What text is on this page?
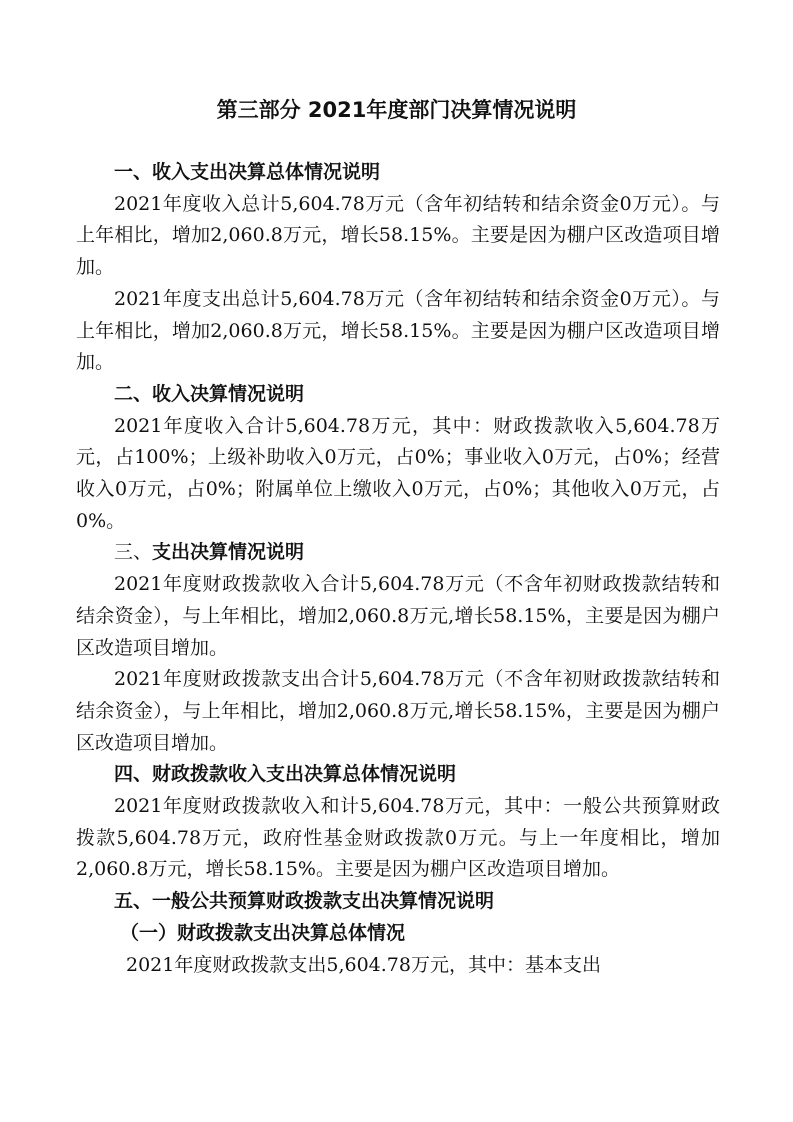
第三部分 2021年度部门决算情况说明
一、收入支出决算总体情况说明
2021年度收入总计5,604.78万元（含年初结转和结余资金0万元）。与上年相比，增加2,060.8万元，增长58.15%。主要是因为棚户区改造项目增加。
2021年度支出总计5,604.78万元（含年初结转和结余资金0万元）。与上年相比，增加2,060.8万元，增长58.15%。主要是因为棚户区改造项目增加。
二、收入决算情况说明
2021年度收入合计5,604.78万元，其中：财政拨款收入5,604.78万元，占100%；上级补助收入0万元，占0%；事业收入0万元，占0%；经营收入0万元，占0%；附属单位上缴收入0万元，占0%；其他收入0万元，占0%。
三、支出决算情况说明
2021年度财政拨款收入合计5,604.78万元（不含年初财政拨款结转和结余资金），与上年相比，增加2,060.8万元,增长58.15%，主要是因为棚户区改造项目增加。
2021年度财政拨款支出合计5,604.78万元（不含年初财政拨款结转和结余资金），与上年相比，增加2,060.8万元,增长58.15%，主要是因为棚户区改造项目增加。
四、财政拨款收入支出决算总体情况说明
2021年度财政拨款收入和计5,604.78万元，其中：一般公共预算财政拨款5,604.78万元，政府性基金财政拨款0万元。与上一年度相比，增加2,060.8万元，增长58.15%。主要是因为棚户区改造项目增加。
五、一般公共预算财政拨款支出决算情况说明
（一）财政拨款支出决算总体情况
2021年度财政拨款支出5,604.78万元，其中：基本支出
